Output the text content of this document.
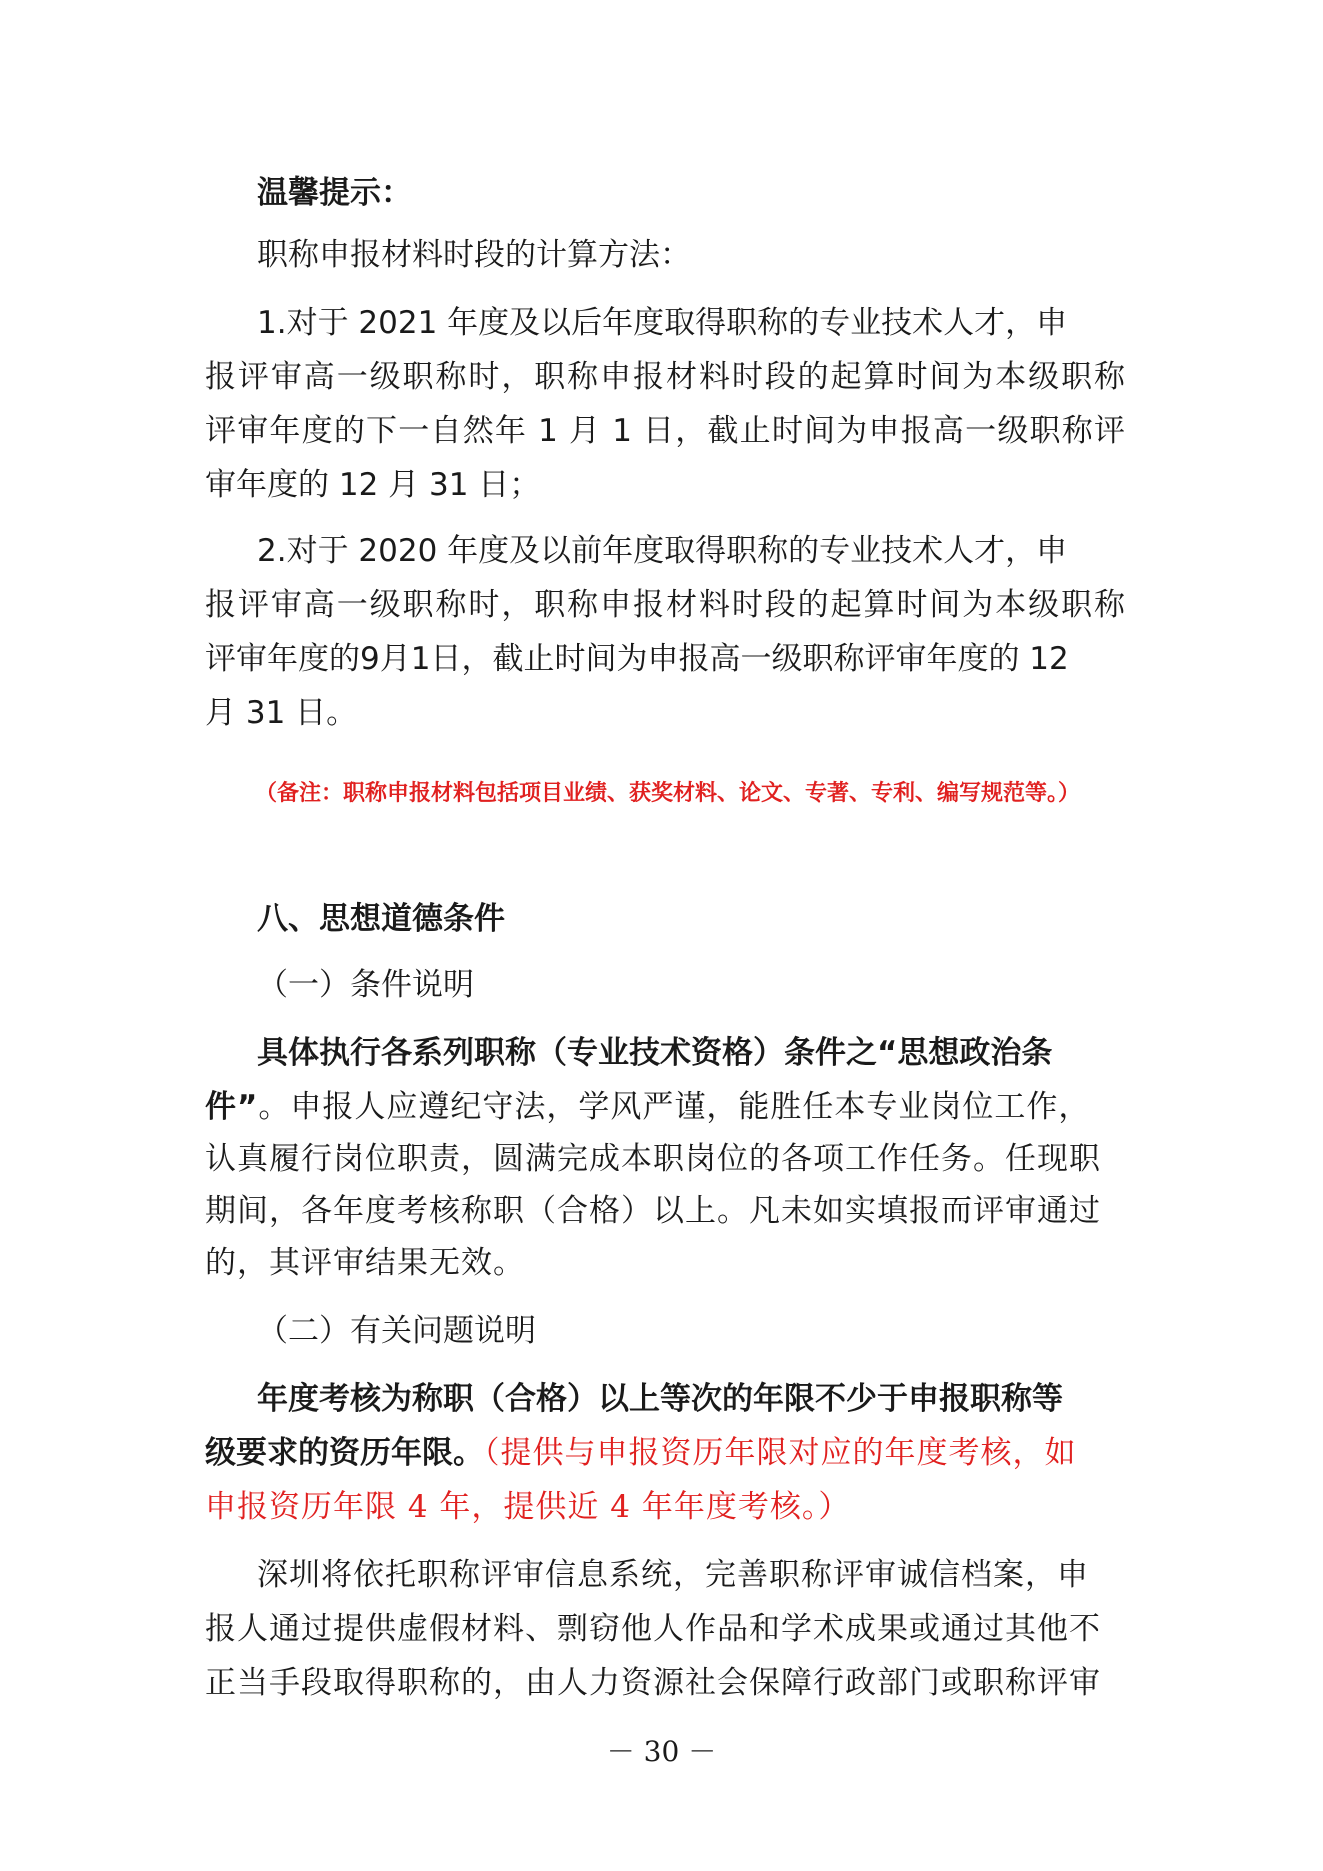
温馨提示：
职称申报材料时段的计算方法：
1.对于 2021 年度及以后年度取得职称的专业技术人才，申
报评审高一级职称时，职称申报材料时段的起算时间为本级职称
评审年度的下一自然年 1 月 1 日，截止时间为申报高一级职称评
审年度的 12 月 31 日；
2.对于 2020 年度及以前年度取得职称的专业技术人才，申
报评审高一级职称时，职称申报材料时段的起算时间为本级职称
评审年度的9月1日，截止时间为申报高一级职称评审年度的 12
月 31 日。
（备注：职称申报材料包括项目业绩、获奖材料、论文、专著、专利、编写规范等。）
八、思想道德条件
（一）条件说明
具体执行各系列职称（专业技术资格）条件之“思想政治条
件”。申报人应遵纪守法，学风严谨，能胜任本专业岗位工作，
认真履行岗位职责，圆满完成本职岗位的各项工作任务。任现职
期间，各年度考核称职（合格）以上。凡未如实填报而评审通过
的，其评审结果无效。
（二）有关问题说明
年度考核为称职（合格）以上等次的年限不少于申报职称等
级要求的资历年限。（提供与申报资历年限对应的年度考核，如
申报资历年限 4 年，提供近 4 年年度考核。）
深圳将依托职称评审信息系统，完善职称评审诚信档案，申
报人通过提供虚假材料、剽窃他人作品和学术成果或通过其他不
正当手段取得职称的，由人力资源社会保障行政部门或职称评审
－ 30 －
